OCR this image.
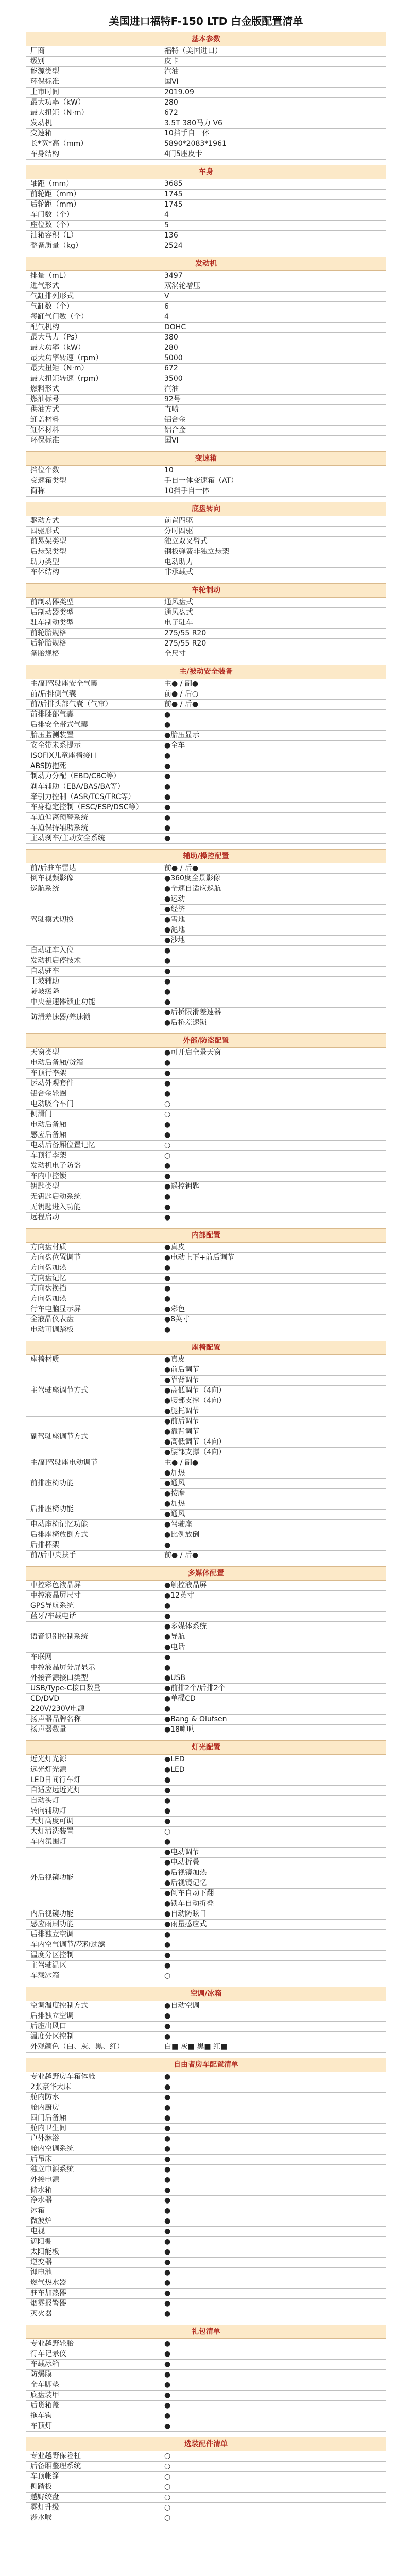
美国进口福特F-150 LTD 白金版配置清单
基本参数	
厂商	福特（美国进口）
级别	皮卡
能源类型	汽油
环保标准	国VI
上市时间	2019.09
最大功率（kW）	280
最大扭矩（N·m）	672
发动机	3.5T 380马力 V6
变速箱	10挡手自一体
长*宽*高（mm）	5890*2083*1961
车身结构	4门5座皮卡

车身	
轴距（mm）	3685
前轮距（mm）	1745
后轮距（mm）	1745
车门数（个）	4
座位数（个）	5
油箱容积（L）	136
整备质量（kg）	2524

发动机	
排量（mL）	3497
进气形式	双涡轮增压
气缸排列形式	V
气缸数（个）	6
每缸气门数（个）	4
配气机构	DOHC
最大马力（Ps）	380
最大功率（kW）	280
最大功率转速（rpm）	5000
最大扭矩（N·m）	672
最大扭矩转速（rpm）	3500
燃料形式	汽油
燃油标号	92号
供油方式	直喷
缸盖材料	铝合金
缸体材料	铝合金
环保标准	国VI

变速箱	
挡位个数	10
变速箱类型	手自一体变速箱（AT）
简称	10挡手自一体

底盘转向	
驱动方式	前置四驱
四驱形式	分时四驱
前悬架类型	独立双叉臂式
后悬架类型	钢板弹簧非独立悬架
助力类型	电动助力
车体结构	非承载式

车轮制动	
前制动器类型	通风盘式
后制动器类型	通风盘式
驻车制动类型	电子驻车
前轮胎规格	275/55 R20
后轮胎规格	275/55 R20
备胎规格	全尺寸

主/被动安全装备	
主/副驾驶座安全气囊	主● / 副●
前/后排侧气囊	前● / 后○
前/后排头部气囊（气帘）	前● / 后●
前排膝部气囊	●
后排安全带式气囊	●
胎压监测装置	●胎压显示
安全带未系提示	●全车
ISOFIX儿童座椅接口	●
ABS防抱死	●
制动力分配（EBD/CBC等）	●
刹车辅助（EBA/BAS/BA等）	●
牵引力控制（ASR/TCS/TRC等）	●
车身稳定控制（ESC/ESP/DSC等）	●
车道偏离预警系统	●
车道保持辅助系统	●
主动刹车/主动安全系统	●

辅助/操控配置	
前/后驻车雷达	前● / 后●
倒车视频影像	●360度全景影像
巡航系统	●全速自适应巡航
驾驶模式切换	●运动
	●经济
	●雪地
	●泥地
	●沙地
自动驻车入位	●
发动机启停技术	●
自动驻车	●
上坡辅助	●
陡坡缓降	●
中央差速器锁止功能	●
防滑差速器/差速锁	●后桥限滑差速器
	●后桥差速锁

外部/防盗配置	
天窗类型	●可开启全景天窗
电动后备厢/货箱	●
车顶行李架	●
运动外观套件	●
铝合金轮圈	●
电动吸合车门	○
侧滑门	○
电动后备厢	●
感应后备厢	●
电动后备厢位置记忆	○
车顶行李架	○
发动机电子防盗	●
车内中控锁	●
钥匙类型	●遥控钥匙
无钥匙启动系统	●
无钥匙进入功能	●
远程启动	●

内部配置	
方向盘材质	●真皮
方向盘位置调节	●电动上下+前后调节
方向盘加热	●
方向盘记忆	●
方向盘换挡	●
方向盘加热	●
行车电脑显示屏	●彩色
全液晶仪表盘	●8英寸
电动可调踏板	●

座椅配置	
座椅材质	●真皮
主驾驶座调节方式	●前后调节
	●靠背调节
	●高低调节（4向）
	●腰部支撑（4向）
	●腿托调节
副驾驶座调节方式	●前后调节
	●靠背调节
	●高低调节（4向）
	●腰部支撑（4向）
主/副驾驶座电动调节	主● / 副●
前排座椅功能	●加热
	●通风
	●按摩
后排座椅功能	●加热
	●通风
电动座椅记忆功能	●驾驶座
后排座椅放倒方式	●比例放倒
后排杯架	●
前/后中央扶手	前● / 后●

多媒体配置	
中控彩色液晶屏	●触控液晶屏
中控液晶屏尺寸	●12英寸
GPS导航系统	●
蓝牙/车载电话	●
语音识别控制系统	●多媒体系统
	●导航
	●电话
车联网	●
中控液晶屏分屏显示	●
外接音源接口类型	●USB
USB/Type-C接口数量	●前排2个/后排2个
CD/DVD	●单碟CD
220V/230V电源	●
扬声器品牌名称	●Bang & Olufsen
扬声器数量	●18喇叭

灯光配置	
近光灯光源	●LED
远光灯光源	●LED
LED日间行车灯	●
自适应远近光灯	●
自动头灯	●
转向辅助灯	●
大灯高度可调	●
大灯清洗装置	○
车内氛围灯	●
外后视镜功能	●电动调节
	●电动折叠
	●后视镜加热
	●后视镜记忆
	●倒车自动下翻
	●锁车自动折叠
内后视镜功能	●自动防眩目
感应雨刷功能	●雨量感应式
后排独立空调	●
车内空气调节/花粉过滤	●
温度分区控制	●
主驾驶温区	●
车载冰箱	○

空调/冰箱	
空调温度控制方式	●自动空调
后排独立空调	●
后座出风口	●
温度分区控制	●
外观颜色（白、灰、黑、红）	白■ 灰■ 黑■ 红■

自由者房车配置清单	
专业越野房车箱体舱	●
2张豪华大床	●
舱内防水	●
舱内厨房	●
四门后备厢	●
舱内卫生间	●
户外淋浴	●
舱内空调系统	●
后吊床	●
独立电源系统	●
外接电源	●
储水箱	●
净水器	●
冰箱	●
微波炉	●
电视	●
遮阳棚	●
太阳能板	●
逆变器	●
锂电池	●
燃气热水器	●
驻车加热器	●
烟雾报警器	●
灭火器	●

礼包清单	
专业越野轮胎	●
行车记录仪	●
车载冰箱	●
防爆膜	●
全车脚垫	●
底盘装甲	●
后货箱盖	●
拖车钩	●
车顶灯	●

选装配件清单	
专业越野保险杠	○
后备厢整理系统	○
车顶帐篷	○
侧踏板	○
越野绞盘	○
雾灯升级	○
涉水喉	○
